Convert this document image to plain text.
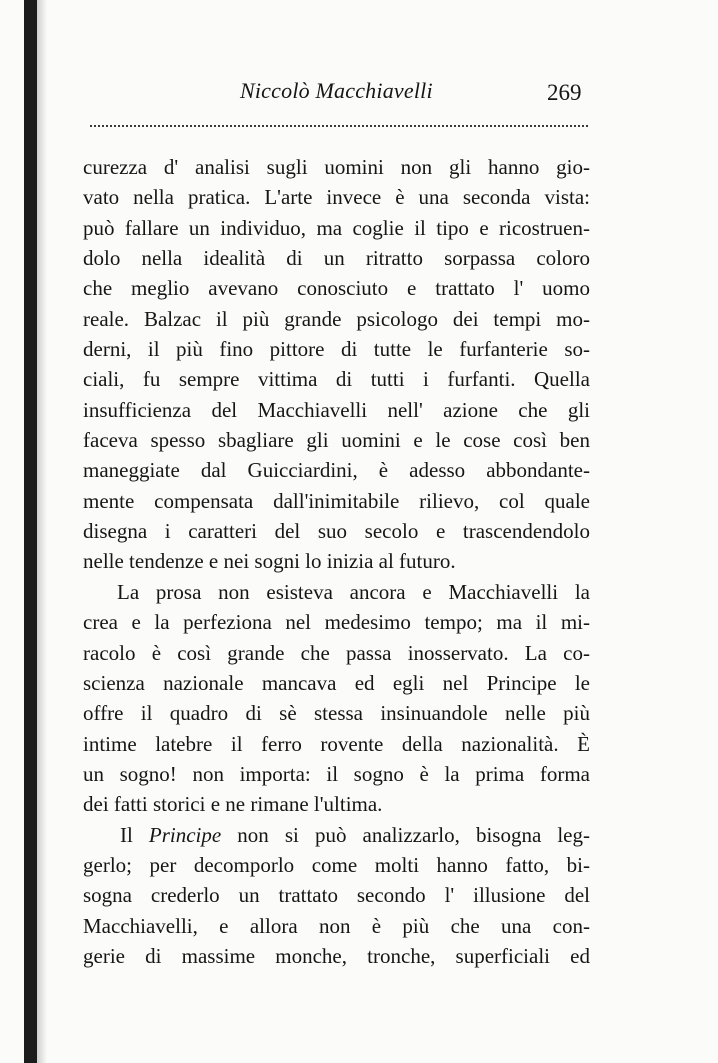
Niccolò Macchiavelli	269
curezza d' analisi sugli uomini non gli hanno gio-
vato nella pratica. L'arte invece è una seconda vista:
può fallare un individuo, ma coglie il tipo e ricostruen-
dolo nella idealità di un ritratto sorpassa coloro
che meglio avevano conosciuto e trattato l' uomo
reale. Balzac il più grande psicologo dei tempi mo-
derni, il più fino pittore di tutte le furfanterie so-
ciali, fu sempre vittima di tutti i furfanti. Quella
insufficienza del Macchiavelli nell' azione che gli
faceva spesso sbagliare gli uomini e le cose così ben
maneggiate dal Guicciardini, è adesso abbondante-
mente compensata dall'inimitabile rilievo, col quale
disegna i caratteri del suo secolo e trascendendolo
nelle tendenze e nei sogni lo inizia al futuro.
La prosa non esisteva ancora e Macchiavelli la
crea e la perfeziona nel medesimo tempo; ma il mi-
racolo è così grande che passa inosservato. La co-
scienza nazionale mancava ed egli nel Principe le
offre il quadro di sè stessa insinuandole nelle più
intime latebre il ferro rovente della nazionalità. È
un sogno! non importa: il sogno è la prima forma
dei fatti storici e ne rimane l'ultima.
Il Principe non si può analizzarlo, bisogna leg-
gerlo; per decomporlo come molti hanno fatto, bi-
sogna crederlo un trattato secondo l' illusione del
Macchiavelli, e allora non è più che una con-
gerie di massime monche, tronche, superficiali ed
